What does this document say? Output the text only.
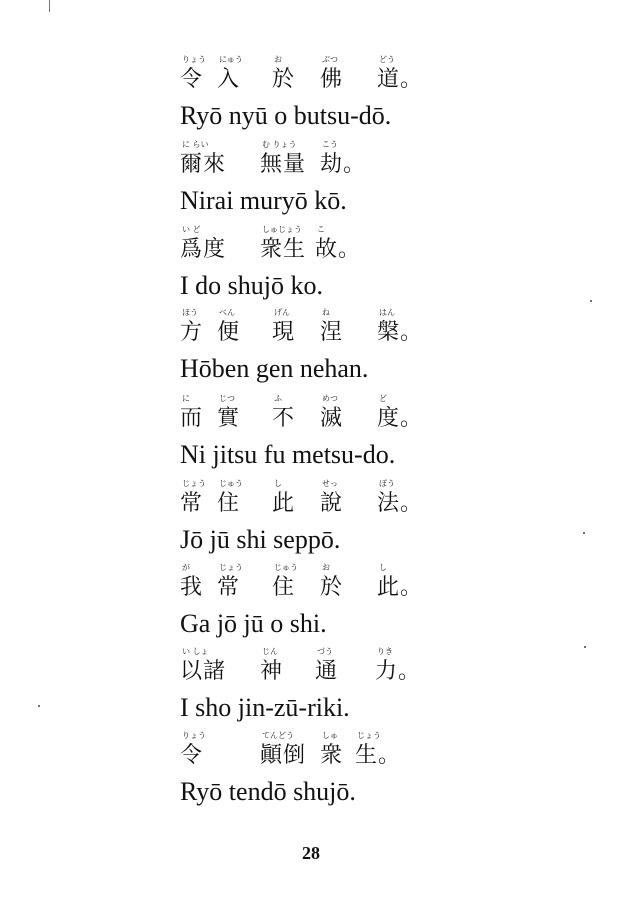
りょう
令
にゅう
入
お
於
ぶつ
佛
どう
道。
Ryō nyū o butsu-dō.
に らい
爾來
む りょう
無量
こう
劫。
Nirai muryō kō.
い ど
爲度
しゅじょう
衆生
こ
故。
I do shujō ko.
ほう
方
べん
便
げん
現
ね
涅
はん
槃。
Hōben gen nehan.
に
而
じつ
實
ふ
不
めつ
滅
ど
度。
Ni jitsu fu metsu-do.
じょう
常
じゅう
住
し
此
せっ
說
ぽう
法。
Jō jū shi seppō.
が
我
じょう
常
じゅう
住
お
於
し
此。
Ga jō jū o shi.
い しょ
以諸
じん
神
づう
通
りき
力。
I sho jin-zū-riki.
りょう
令
てんどう
顚倒
しゅ
衆
じょう
生。
Ryō tendō shujō.
28
